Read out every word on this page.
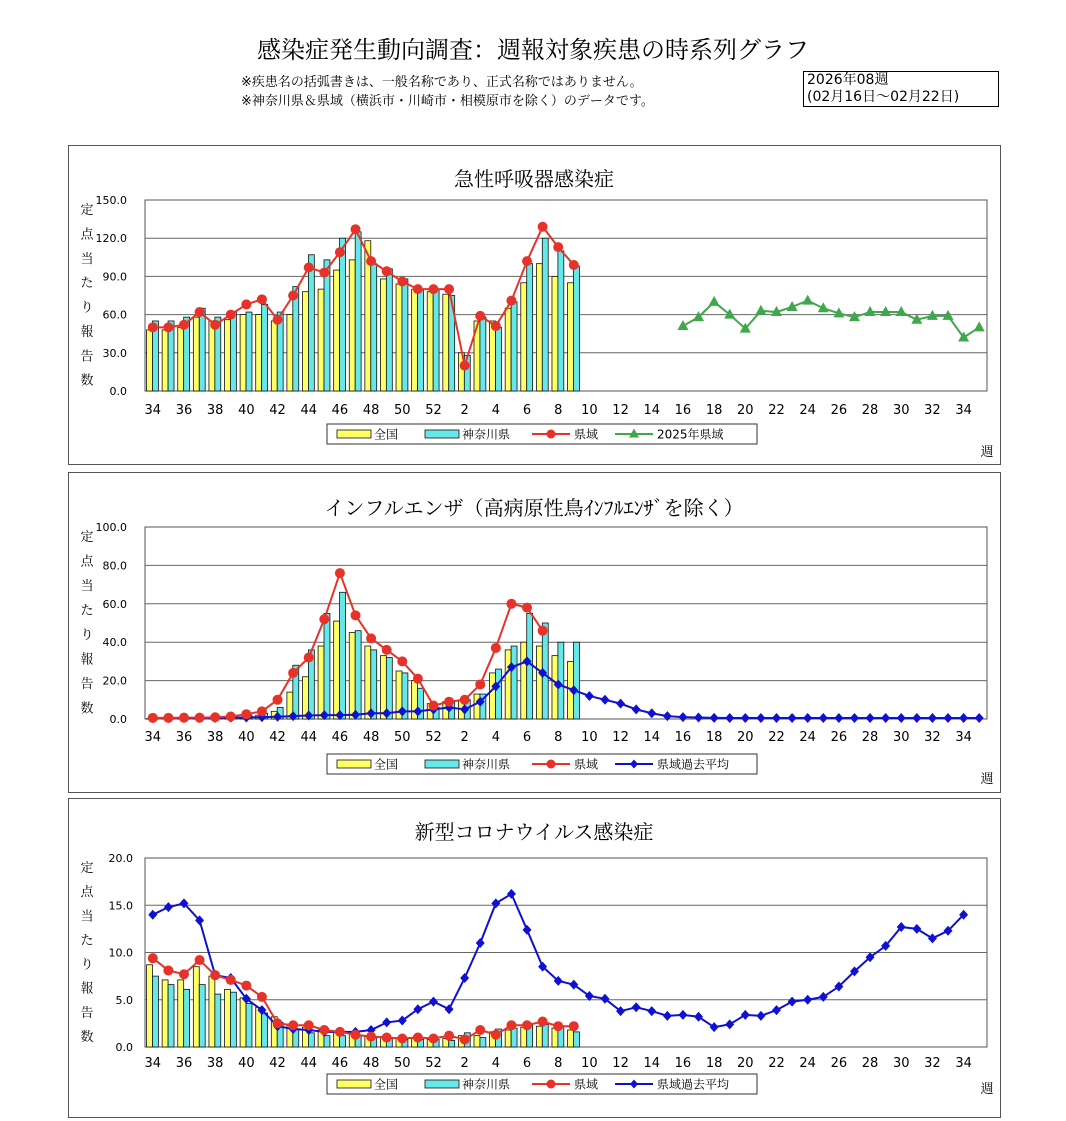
感染症発生動向調査：週報対象疾患の時系列グラフ
※疾患名の括弧書きは、一般名称であり、正式名称ではありません。
※神奈川県＆県域（横浜市・川崎市・相模原市を除く）のデータです。
2026年08週
(02月16日～02月22日)
急性呼吸器感染症
0.0
30.0
60.0
90.0
120.0
150.0
定点当たり報告数
34 36 38 40 42 44 46 48 50 52 2 4 6 8 10 12 14 16 18 20 22 24 26 28 30 32 34
週
全国	神奈川県	県域	2025年県域
インフルエンザ（高病原性鳥ｲﾝﾌﾙｴﾝｻﾞを除く）
0.0
20.0
40.0
60.0
80.0
100.0
定点当たり報告数
34 36 38 40 42 44 46 48 50 52 2 4 6 8 10 12 14 16 18 20 22 24 26 28 30 32 34
週
全国	神奈川県	県域	県域過去平均
新型コロナウイルス感染症
0.0
5.0
10.0
15.0
20.0
定点当たり報告数
34 36 38 40 42 44 46 48 50 52 2 4 6 8 10 12 14 16 18 20 22 24 26 28 30 32 34
週
全国	神奈川県	県域	県域過去平均
